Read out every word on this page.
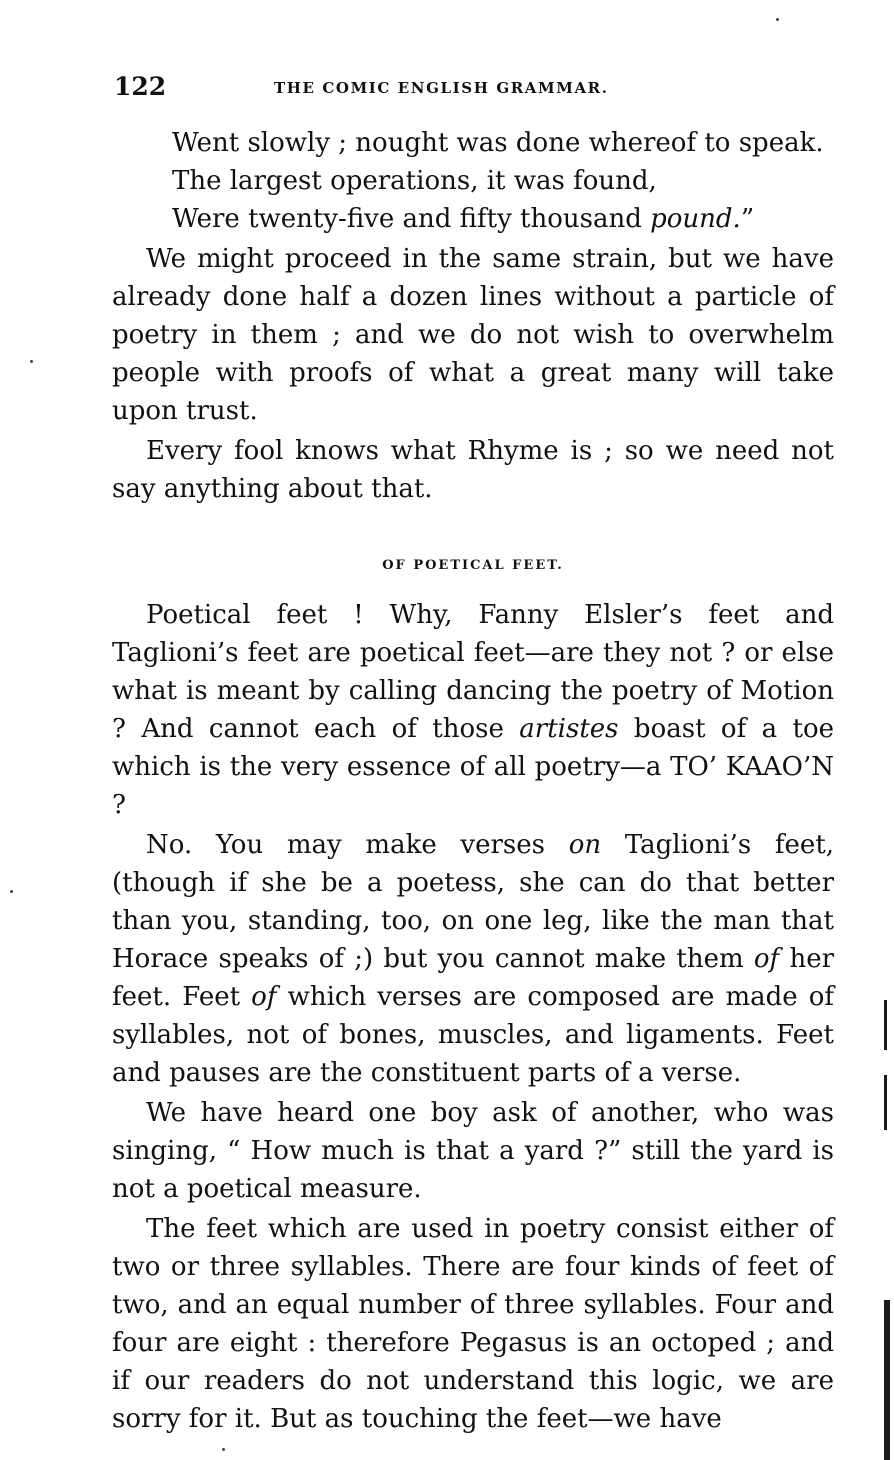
122	THE COMIC ENGLISH GRAMMAR.

Went slowly ; nought was done whereof to speak.

The largest operations, it was found,

Were twenty-five and fifty thousand pound.”

We might proceed in the same strain, but we have already done half a dozen lines without a particle of poetry in them ; and we do not wish to overwhelm people with proofs of what a great many will take upon trust.

Every fool knows what Rhyme is ; so we need not say anything about that.

OF POETICAL FEET.

Poetical feet ! Why, Fanny Elsler’s feet and Taglioni’s feet are poetical feet—are they not ? or else what is meant by calling dancing the poetry of Motion ? And cannot each of those artistes boast of a toe which is the very essence of all poetry—a TO’ KAAO’N ?

No. You may make verses on Taglioni’s feet, (though if she be a poetess, she can do that better than you, standing, too, on one leg, like the man that Horace speaks of ;) but you cannot make them of her feet. Feet of which verses are composed are made of syllables, not of bones, muscles, and ligaments. Feet and pauses are the constituent parts of a verse.

We have heard one boy ask of another, who was singing, “ How much is that a yard ?” still the yard is not a poetical measure.

The feet which are used in poetry consist either of two or three syllables. There are four kinds of feet of two, and an equal number of three syllables. Four and four are eight : therefore Pegasus is an octoped ; and if our readers do not understand this logic, we are sorry for it. But as touching the feet—we have
